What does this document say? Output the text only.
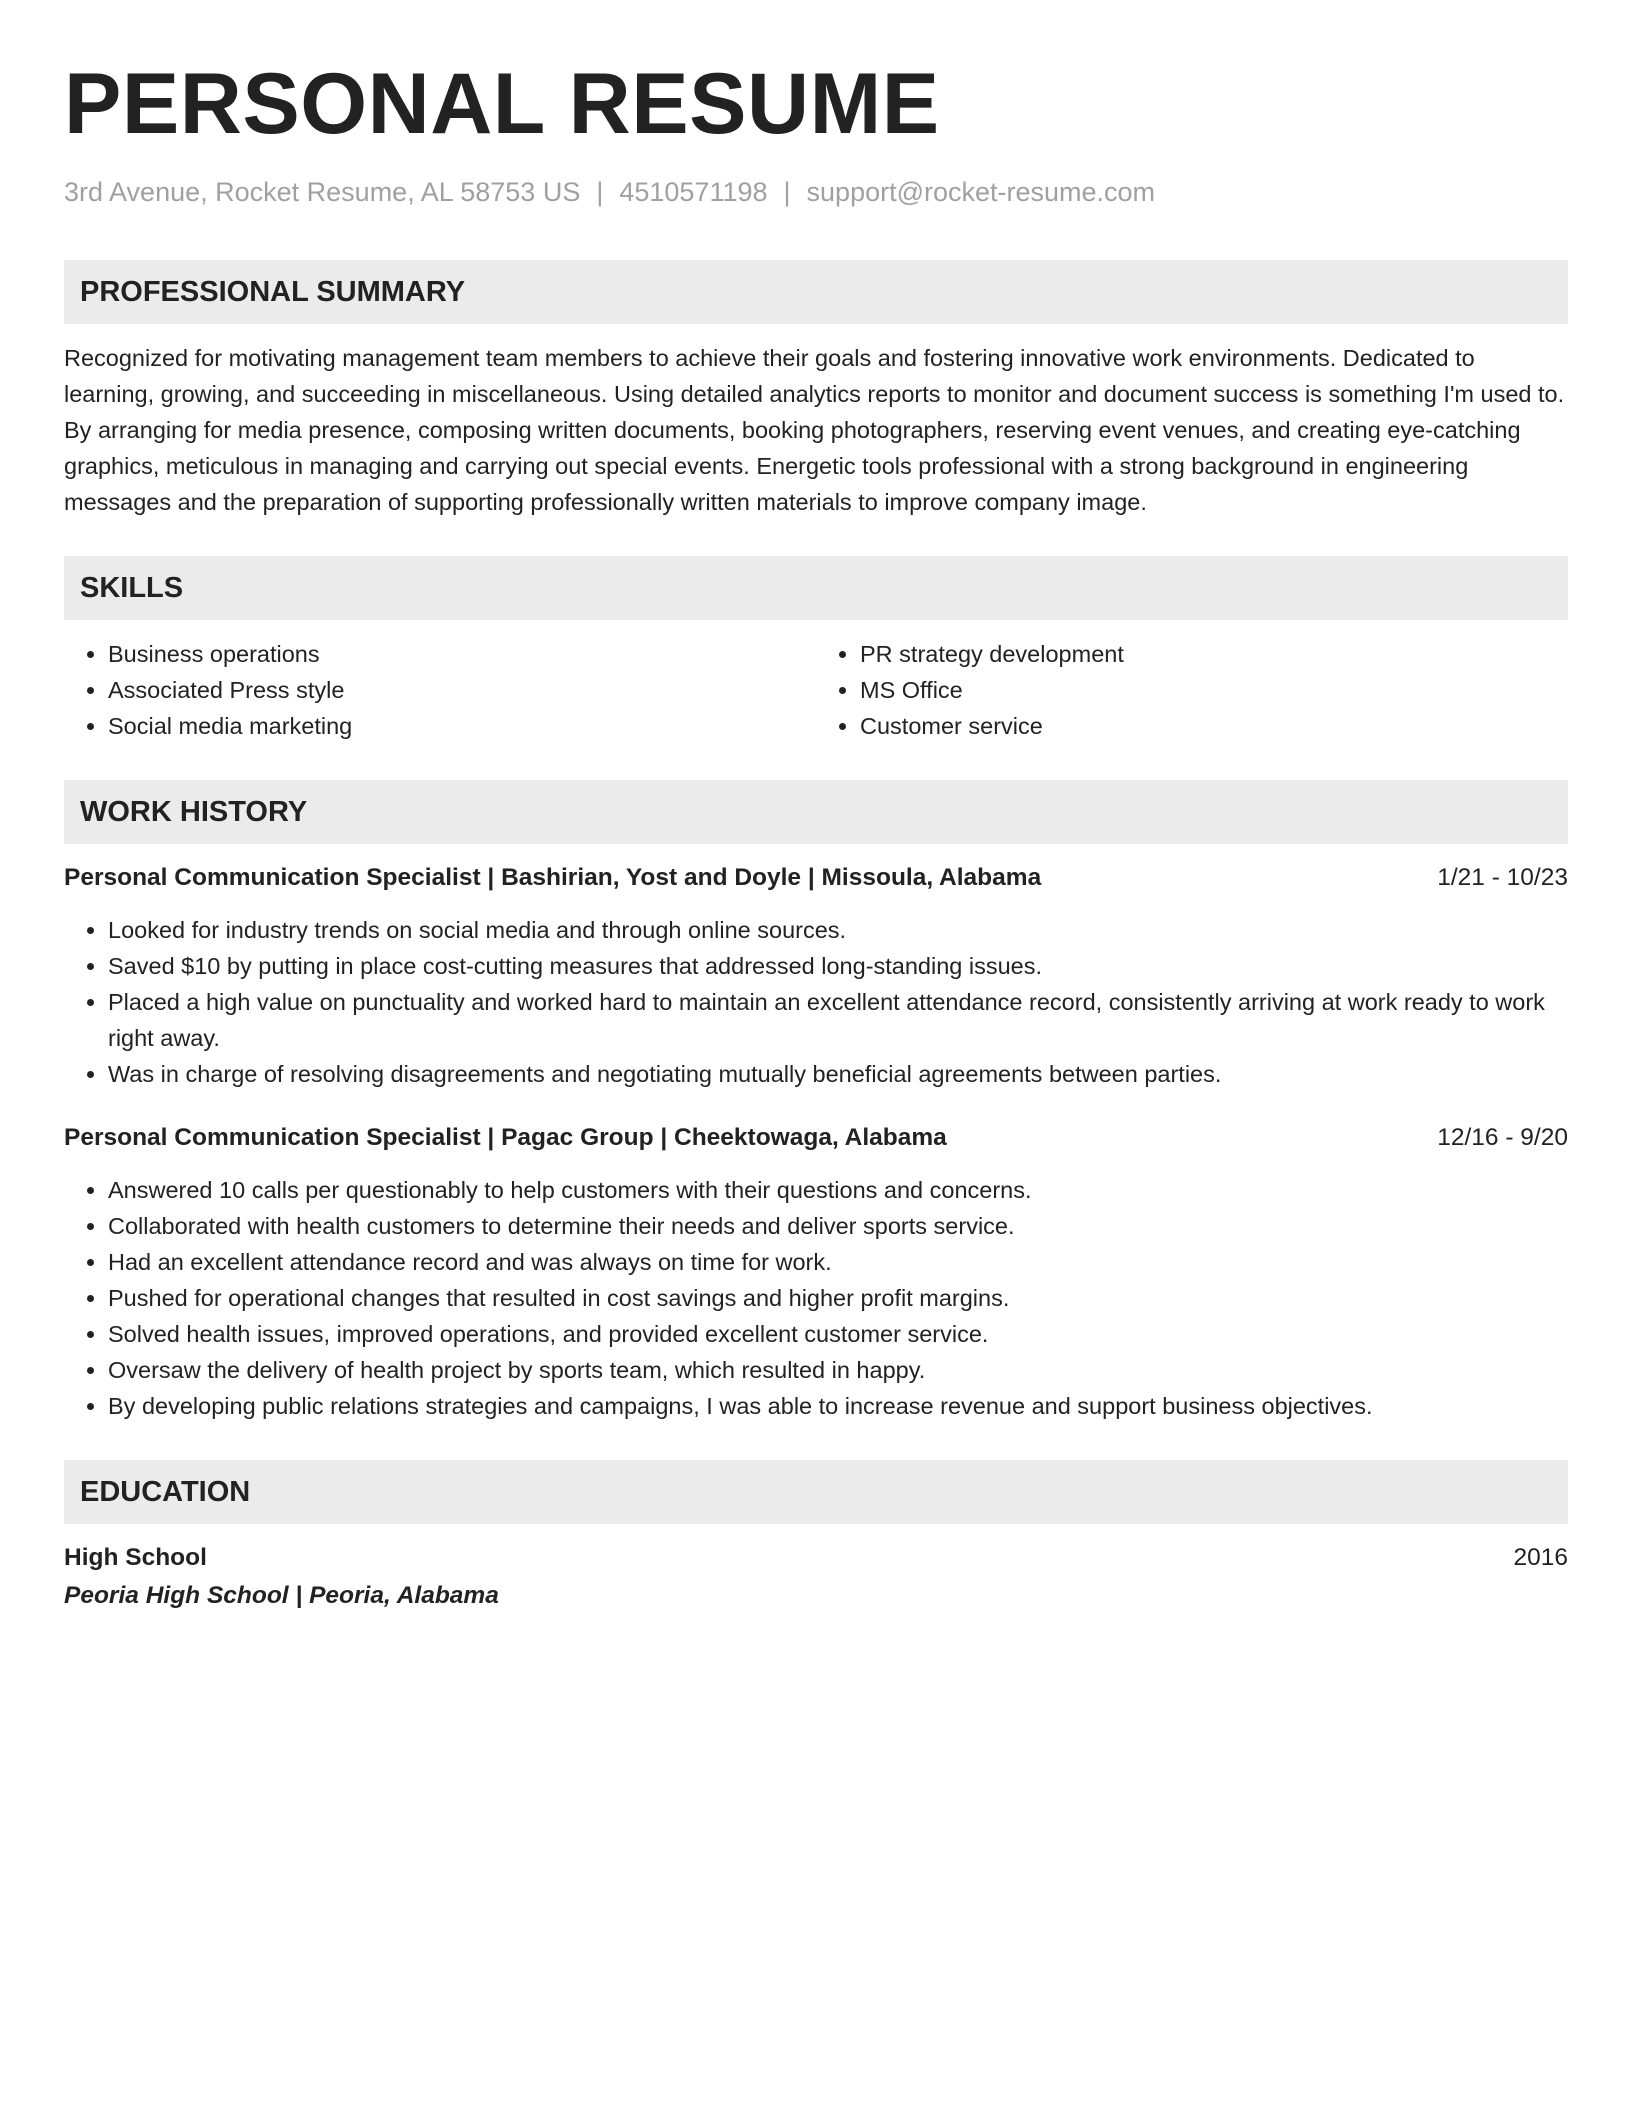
PERSONAL RESUME
3rd Avenue, Rocket Resume, AL 58753 US | 4510571198 | support@rocket-resume.com
PROFESSIONAL SUMMARY

Recognized for motivating management team members to achieve their goals and fostering innovative work environments. Dedicated to learning, growing, and succeeding in miscellaneous. Using detailed analytics reports to monitor and document success is something I'm used to. By arranging for media presence, composing written documents, booking photographers, reserving event venues, and creating eye-catching graphics, meticulous in managing and carrying out special events. Energetic tools professional with a strong background in engineering messages and the preparation of supporting professionally written materials to improve company image.

SKILLS
• Business operations
• Associated Press style
• Social media marketing
• PR strategy development
• MS Office
• Customer service
WORK HISTORY
Personal Communication Specialist | Bashirian, Yost and Doyle | Missoula, Alabama	1/21 - 10/23
• Looked for industry trends on social media and through online sources.
• Saved $10 by putting in place cost-cutting measures that addressed long-standing issues.
• Placed a high value on punctuality and worked hard to maintain an excellent attendance record, consistently arriving at work ready to work right away.
• Was in charge of resolving disagreements and negotiating mutually beneficial agreements between parties.
Personal Communication Specialist | Pagac Group | Cheektowaga, Alabama	12/16 - 9/20
• Answered 10 calls per questionably to help customers with their questions and concerns.
• Collaborated with health customers to determine their needs and deliver sports service.
• Had an excellent attendance record and was always on time for work.
• Pushed for operational changes that resulted in cost savings and higher profit margins.
• Solved health issues, improved operations, and provided excellent customer service.
• Oversaw the delivery of health project by sports team, which resulted in happy.
• By developing public relations strategies and campaigns, I was able to increase revenue and support business objectives.
EDUCATION
High School	2016
Peoria High School | Peoria, Alabama
